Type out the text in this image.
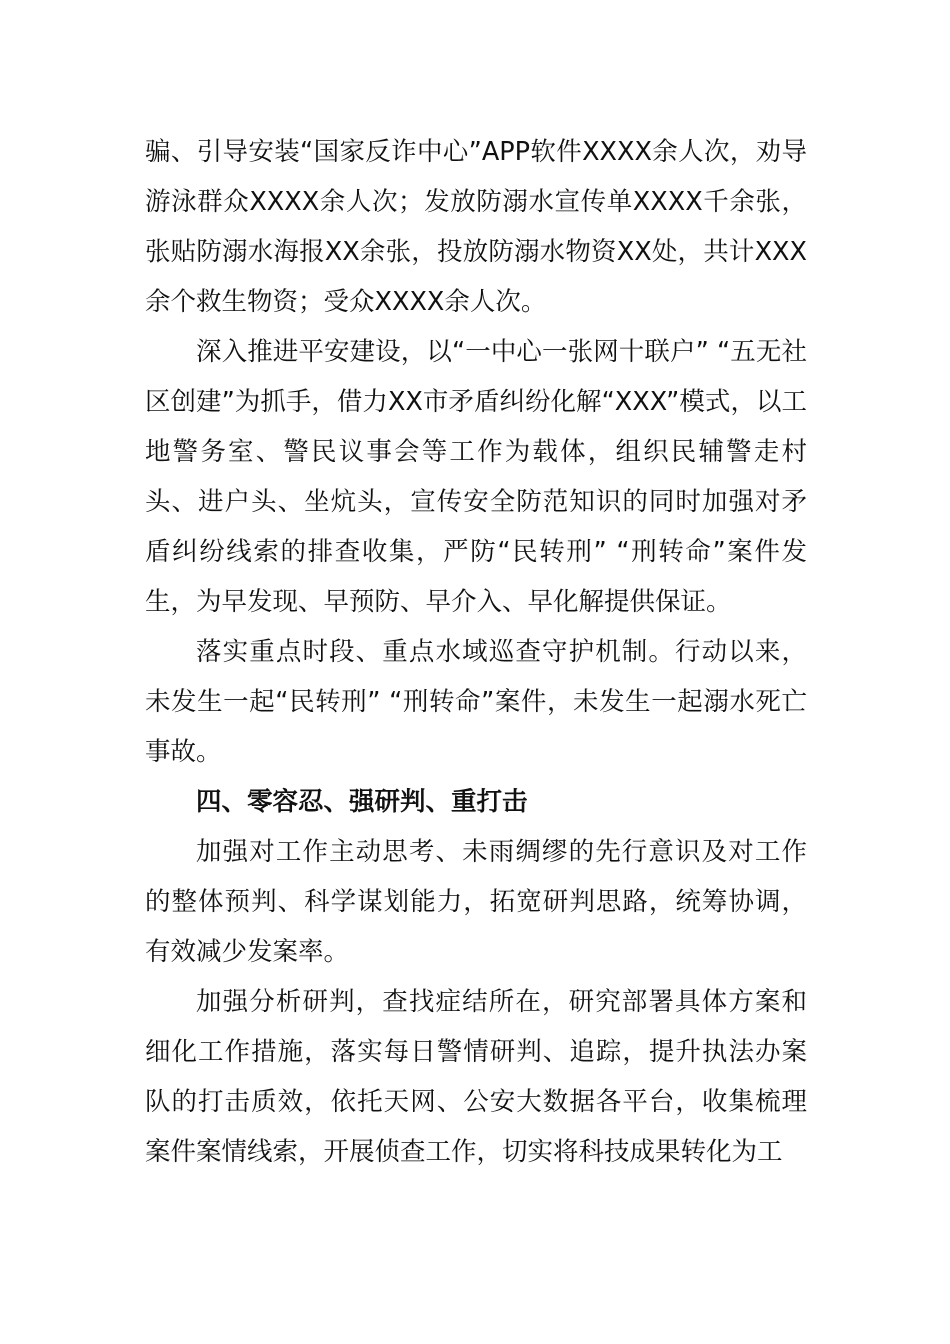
骗、引导安装“国家反诈中心”APP软件XXXX余人次，劝导游泳群众XXXX余人次；发放防溺水宣传单XXXX千余张，张贴防溺水海报XX余张，投放防溺水物资XX处，共计XXX余个救生物资；受众XXXX余人次。

深入推进平安建设，以“一中心一张网十联户” “五无社区创建”为抓手，借力XX市矛盾纠纷化解“XXX”模式，以工地警务室、警民议事会等工作为载体，组织民辅警走村头、进户头、坐炕头，宣传安全防范知识的同时加强对矛盾纠纷线索的排查收集，严防“民转刑” “刑转命”案件发生，为早发现、早预防、早介入、早化解提供保证。

落实重点时段、重点水域巡查守护机制。行动以来，未发生一起“民转刑” “刑转命”案件，未发生一起溺水死亡事故。

四、零容忍、强研判、重打击

加强对工作主动思考、未雨绸缪的先行意识及对工作的整体预判、科学谋划能力，拓宽研判思路，统筹协调，有效减少发案率。

加强分析研判，查找症结所在，研究部署具体方案和细化工作措施，落实每日警情研判、追踪，提升执法办案队的打击质效，依托天网、公安大数据各平台，收集梳理案件案情线索，开展侦查工作，切实将科技成果转化为工
